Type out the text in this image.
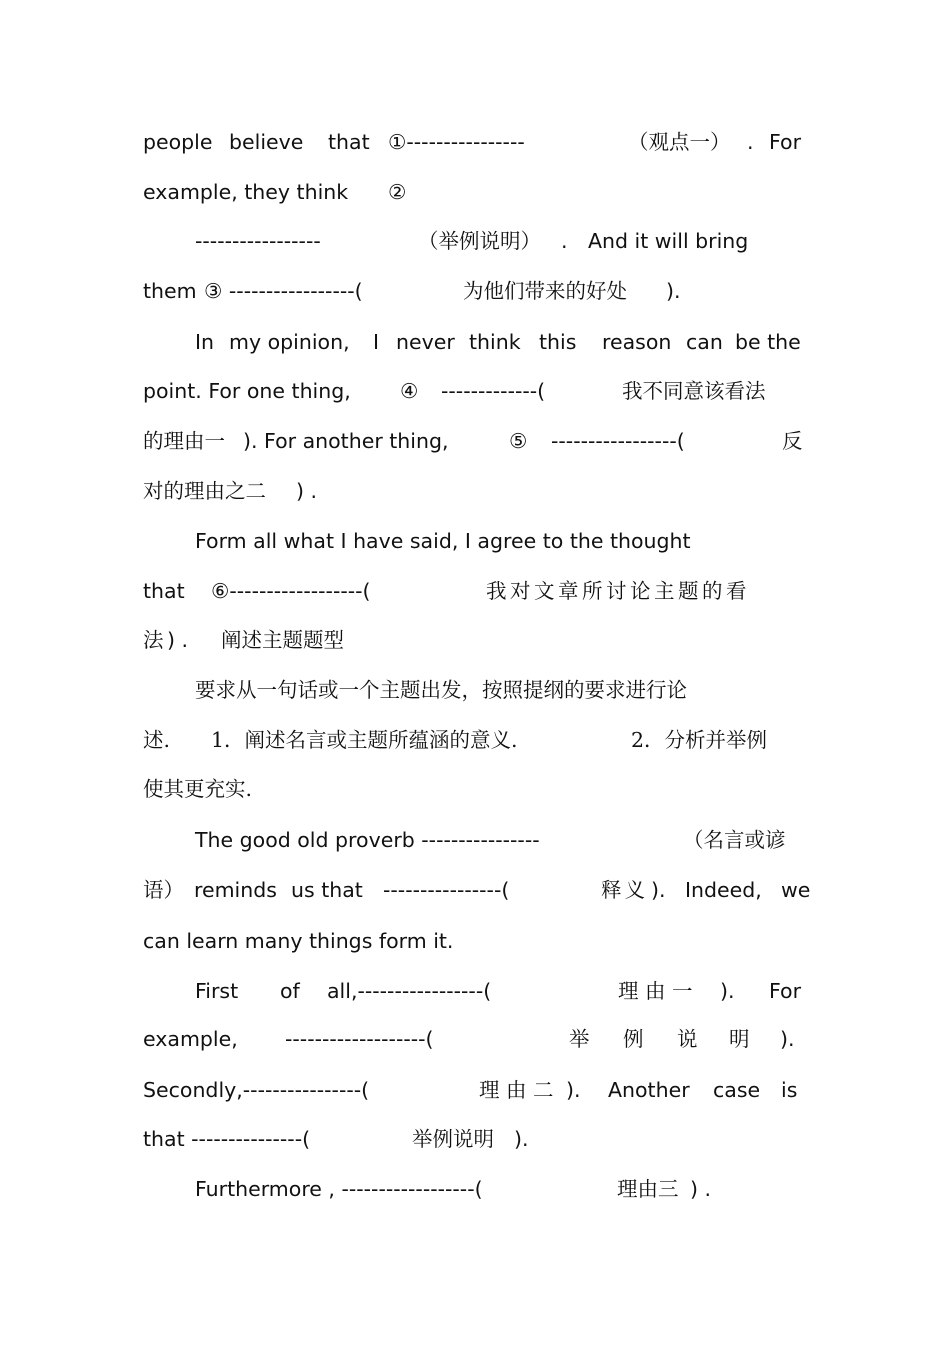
people believe that ①----------------	（观点一） . For
example, they think ②
-----------------	（举例说明） . And it will bring
them ③ -----------------(	为他们带来的好处 ).
In my opinion, I never think this reason can be the
point. For one thing, ④ -------------(	我不同意该看法
的理由一 ). For another thing,	⑤ -----------------(	反
对的理由之二 ) .
Form all what I have said, I agree to the thought
that ⑥------------------(	我对文章所讨论主题的看
法 ) . 阐述主题题型
要求从一句话或一个主题出发，按照提纲的要求进行论
述. 1．阐述名言或主题所蕴涵的意义.	2．分析并举例
使其更充实.
The good old proverb ----------------	（名言或谚
语） reminds us that ----------------(	释义 ). Indeed, we
can learn many things form it.
First of all,-----------------(	理 由 一 ). For
example, -------------------(	举 例 说 明 ).
Secondly,----------------(	理 由 二 ). Another case is
that ---------------(	举例说明 ).
Furthermore , ------------------(	理由三 ) .
